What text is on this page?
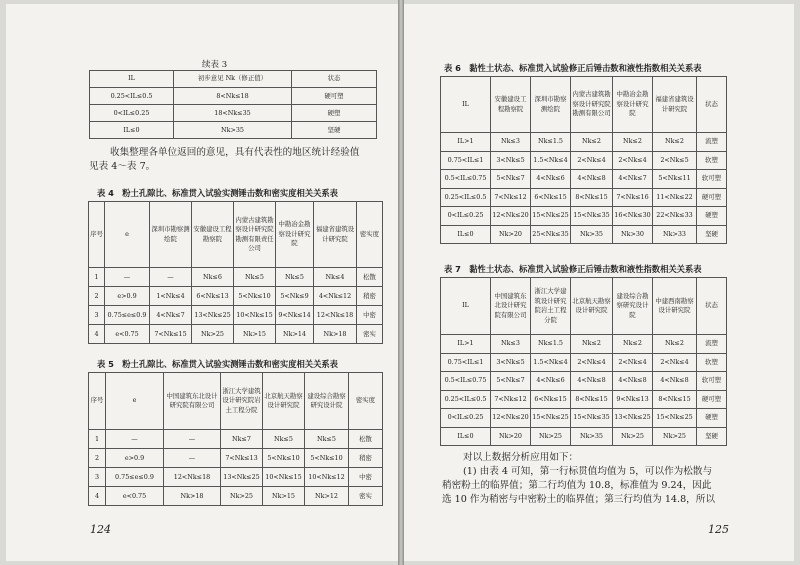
续表 3
IL	初步意见 Nk（修正值）	状态
0.25<IL≤0.5	8<Nk≤18	硬可塑
0<IL≤0.25	18<Nk≤35	硬塑
IL≤0	Nk>35	坚硬
收集整理各单位返回的意见，具有代表性的地区统计经验值
见表 4～表 7。
表 4　粉土孔隙比、标准贯入试验实测锤击数和密实度相关关系表
序号	e	深圳市勘察测绘院	安徽建设工程勘察院	内蒙古建筑勘察设计研究院勘测有限责任公司	中勘冶金勘察设计研究院	福建省建筑设计研究院	密实度
1	—	—	Nk≤6	Nk≤5	Nk≤5	Nk≤4	松散
2	e>0.9	1<Nk≤4	6<Nk≤13	5<Nk≤10	5<Nk≤9	4<Nk≤12	稍密
3	0.75≤e≤0.9	4<Nk≤7	13<Nk≤25	10<Nk≤15	9<Nk≤14	12<Nk≤18	中密
4	e<0.75	7<Nk≤15	Nk>25	Nk>15	Nk>14	Nk>18	密实
表 5　粉土孔隙比、标准贯入试验实测锤击数和密实度相关关系表
序号	e	中国建筑东北设计研究院有限公司	浙江大学建筑设计研究院岩土工程分院	北京航天勘察设计研究院	建设综合勘察研究设计院	密实度
1	—	—	Nk≤7	Nk≤5	Nk≤5	松散
2	e>0.9	—	7<Nk≤13	5<Nk≤10	5<Nk≤10	稍密
3	0.75≤e≤0.9	12<Nk≤18	13<Nk≤25	10<Nk≤15	10<Nk≤12	中密
4	e<0.75	Nk>18	Nk>25	Nk>15	Nk>12	密实
124
表 6　黏性土状态、标准贯入试验修正后锤击数和液性指数相关关系表
IL	安徽建设工程勘察院	深圳市勘察测绘院	内蒙古建筑勘察设计研究院勘测有限公司	中勘冶金勘察设计研究院	福建省建筑设计研究院	状态
IL>1	Nk≤3	Nk≤1.5	Nk≤2	Nk≤2	Nk≤2	流塑
0.75<IL≤1	3<Nk≤5	1.5<Nk≤4	2<Nk≤4	2<Nk≤4	2<Nk≤5	软塑
0.5<IL≤0.75	5<Nk≤7	4<Nk≤6	4<Nk≤8	4<Nk≤7	5<Nk≤11	软可塑
0.25<IL≤0.5	7<Nk≤12	6<Nk≤15	8<Nk≤15	7<Nk≤16	11<Nk≤22	硬可塑
0<IL≤0.25	12<Nk≤20	15<Nk≤25	15<Nk≤35	16<Nk≤30	22<Nk≤33	硬塑
IL≤0	Nk>20	25<Nk≤35	Nk>35	Nk>30	Nk>33	坚硬
表 7　黏性土状态、标准贯入试验修正后锤击数和液性指数相关关系表
IL	中国建筑东北设计研究院有限公司	浙江大学建筑设计研究院岩土工程分院	北京航天勘察设计研究院	建设综合勘察研究设计院	中建西南勘察设计研究院	状态
IL>1	Nk≤3	Nk≤1.5	Nk≤2	Nk≤2	Nk≤2	流塑
0.75<IL≤1	3<Nk≤5	1.5<Nk≤4	2<Nk≤4	2<Nk≤4	2<Nk≤4	软塑
0.5<IL≤0.75	5<Nk≤7	4<Nk≤6	4<Nk≤8	4<Nk≤8	4<Nk≤8	软可塑
0.25<IL≤0.5	7<Nk≤12	6<Nk≤15	8<Nk≤15	9<Nk≤13	8<Nk≤15	硬可塑
0<IL≤0.25	12<Nk≤20	15<Nk≤25	15<Nk≤35	13<Nk≤25	15<Nk≤25	硬塑
IL≤0	Nk>20	Nk>25	Nk>35	Nk>25	Nk>25	坚硬
对以上数据分析应用如下：
(1) 由表 4 可知，第一行标贯值均值为 5，可以作为松散与
稍密粉土的临界值；第二行均值为 10.8，标准值为 9.24，因此
选 10 作为稍密与中密粉土的临界值；第三行均值为 14.8，所以
125
